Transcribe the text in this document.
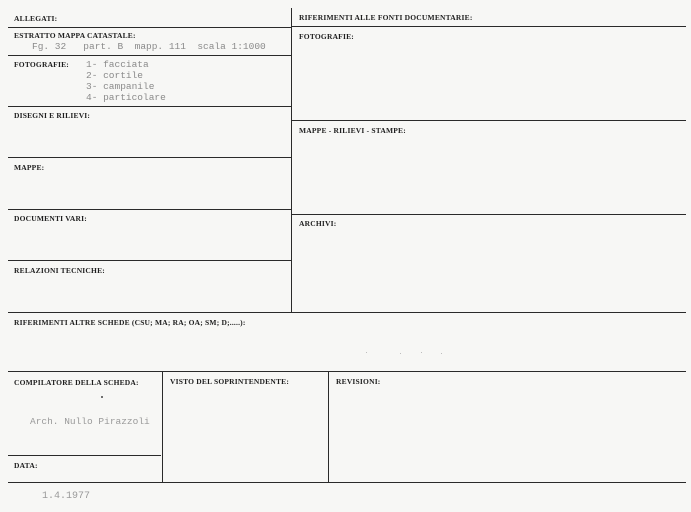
ALLEGATI:
ESTRATTO MAPPA CATASTALE:
Fg. 32   part. B  mapp. 111  scala 1:1000
FOTOGRAFIE: 1- facciata
2- cortile
3- campanile
4- particolare
DISEGNI E RILIEVI:
MAPPE:
DOCUMENTI VARI:
RELAZIONI TECNICHE:
RIFERIMENTI ALLE FONTI DOCUMENTARIE:
FOTOGRAFIE:
MAPPE - RILIEVI - STAMPE:
ARCHIVI:
RIFERIMENTI ALTRE SCHEDE (CSU; MA; RA; OA; SM; D;.....):
COMPILATORE DELLA SCHEDA:
Arch. Nullo Pirazzoli
VISTO DEL SOPRINTENDENTE:	REVISIONI:
DATA:
1.4.1977
